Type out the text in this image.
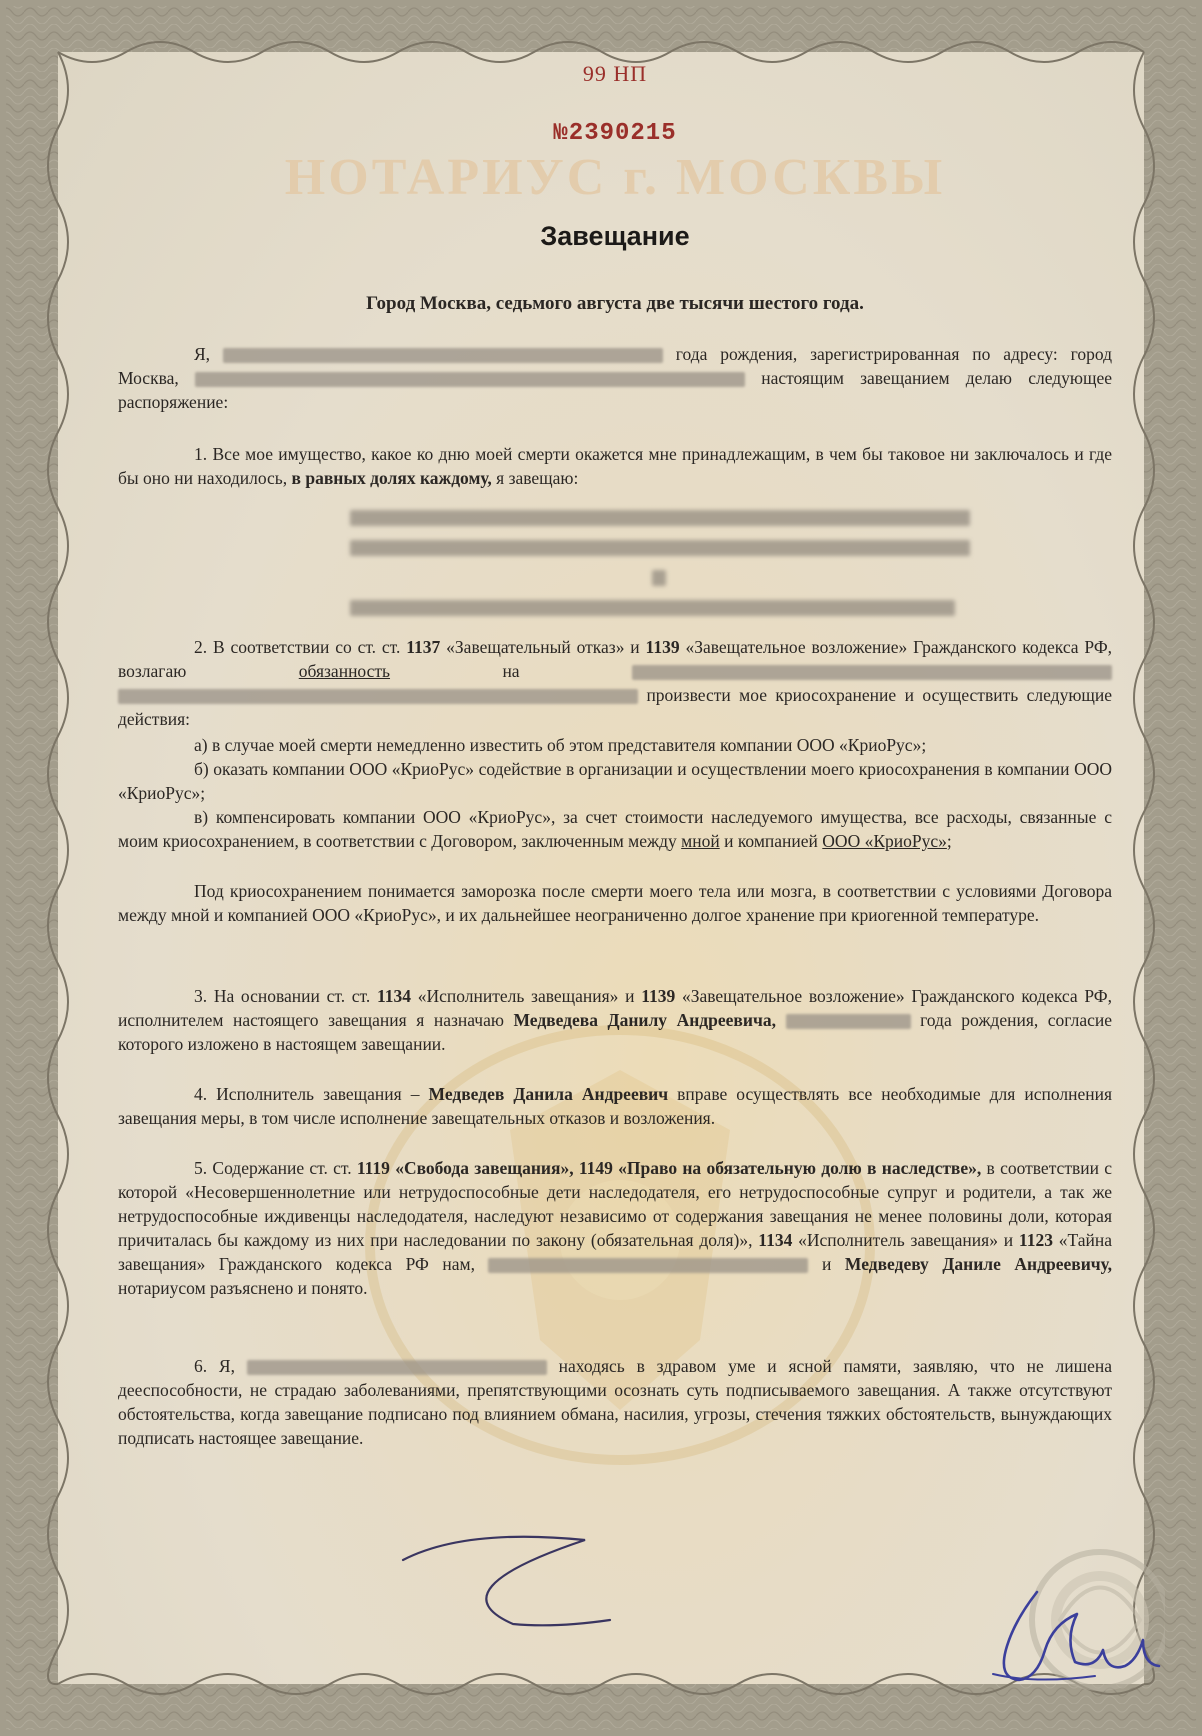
99 НП
№2390215
НОТАРИУС г. МОСКВЫ
Завещание
Город Москва, седьмого августа две тысячи шестого года.
Я,	года рождения, зарегистрированная по адресу: город Москва,	настоящим завещанием делаю следующее распоряжение:
1. Все мое имущество, какое ко дню моей смерти окажется мне принадлежащим, в чем бы таковое ни заключалось и где бы оно ни находилось, в равных долях каждому, я завещаю:
2. В соответствии со ст. ст. 1137 «Завещательный отказ» и 1139 «Завещательное возложение» Гражданского кодекса РФ, возлагаю	обязанность	на   произвести мое криосохранение и осуществить следующие действия:
а) в случае моей смерти немедленно известить об этом представителя компании ООО «КриоРус»;
б) оказать компании ООО «КриоРус» содействие в организации и осуществлении моего криосохранения в компании ООО «КриоРус»;
в) компенсировать компании ООО «КриоРус», за счет стоимости наследуемого имущества, все расходы, связанные с моим криосохранением, в соответствии с Договором, заключенным между мной и компанией ООО «КриоРус»;
Под криосохранением понимается заморозка после смерти моего тела или мозга, в соответствии с условиями Договора между мной и компанией ООО «КриоРус», и их дальнейшее неограниченно долгое хранение при криогенной температуре.
3. На основании ст. ст. 1134 «Исполнитель завещания» и 1139 «Завещательное возложение» Гражданского кодекса РФ, исполнителем настоящего завещания я назначаю Медведева Данилу Андреевича,	года рождения, согласие которого изложено в настоящем завещании.
4. Исполнитель завещания – Медведев Данила Андреевич вправе осуществлять все необходимые для исполнения завещания меры, в том числе исполнение завещательных отказов и возложения.
5. Содержание ст. ст. 1119 «Свобода завещания», 1149 «Право на обязательную долю в наследстве», в соответствии с которой «Несовершеннолетние или нетрудоспособные дети наследодателя, его нетрудоспособные супруг и родители, а так же нетрудоспособные иждивенцы наследодателя, наследуют независимо от содержания завещания не менее половины доли, которая причиталась бы каждому из них при наследовании по закону (обязательная доля)», 1134 «Исполнитель завещания» и 1123 «Тайна завещания» Гражданского кодекса РФ нам,	и Медведеву Даниле Андреевичу, нотариусом разъяснено и понято.
6. Я,	находясь в здравом уме и ясной памяти, заявляю, что не лишена дееспособности, не страдаю заболеваниями, препятствующими осознать суть подписываемого завещания. А также отсутствуют обстоятельства, когда завещание подписано под влиянием обмана, насилия, угрозы, стечения тяжких обстоятельств, вынуждающих подписать настоящее завещание.
